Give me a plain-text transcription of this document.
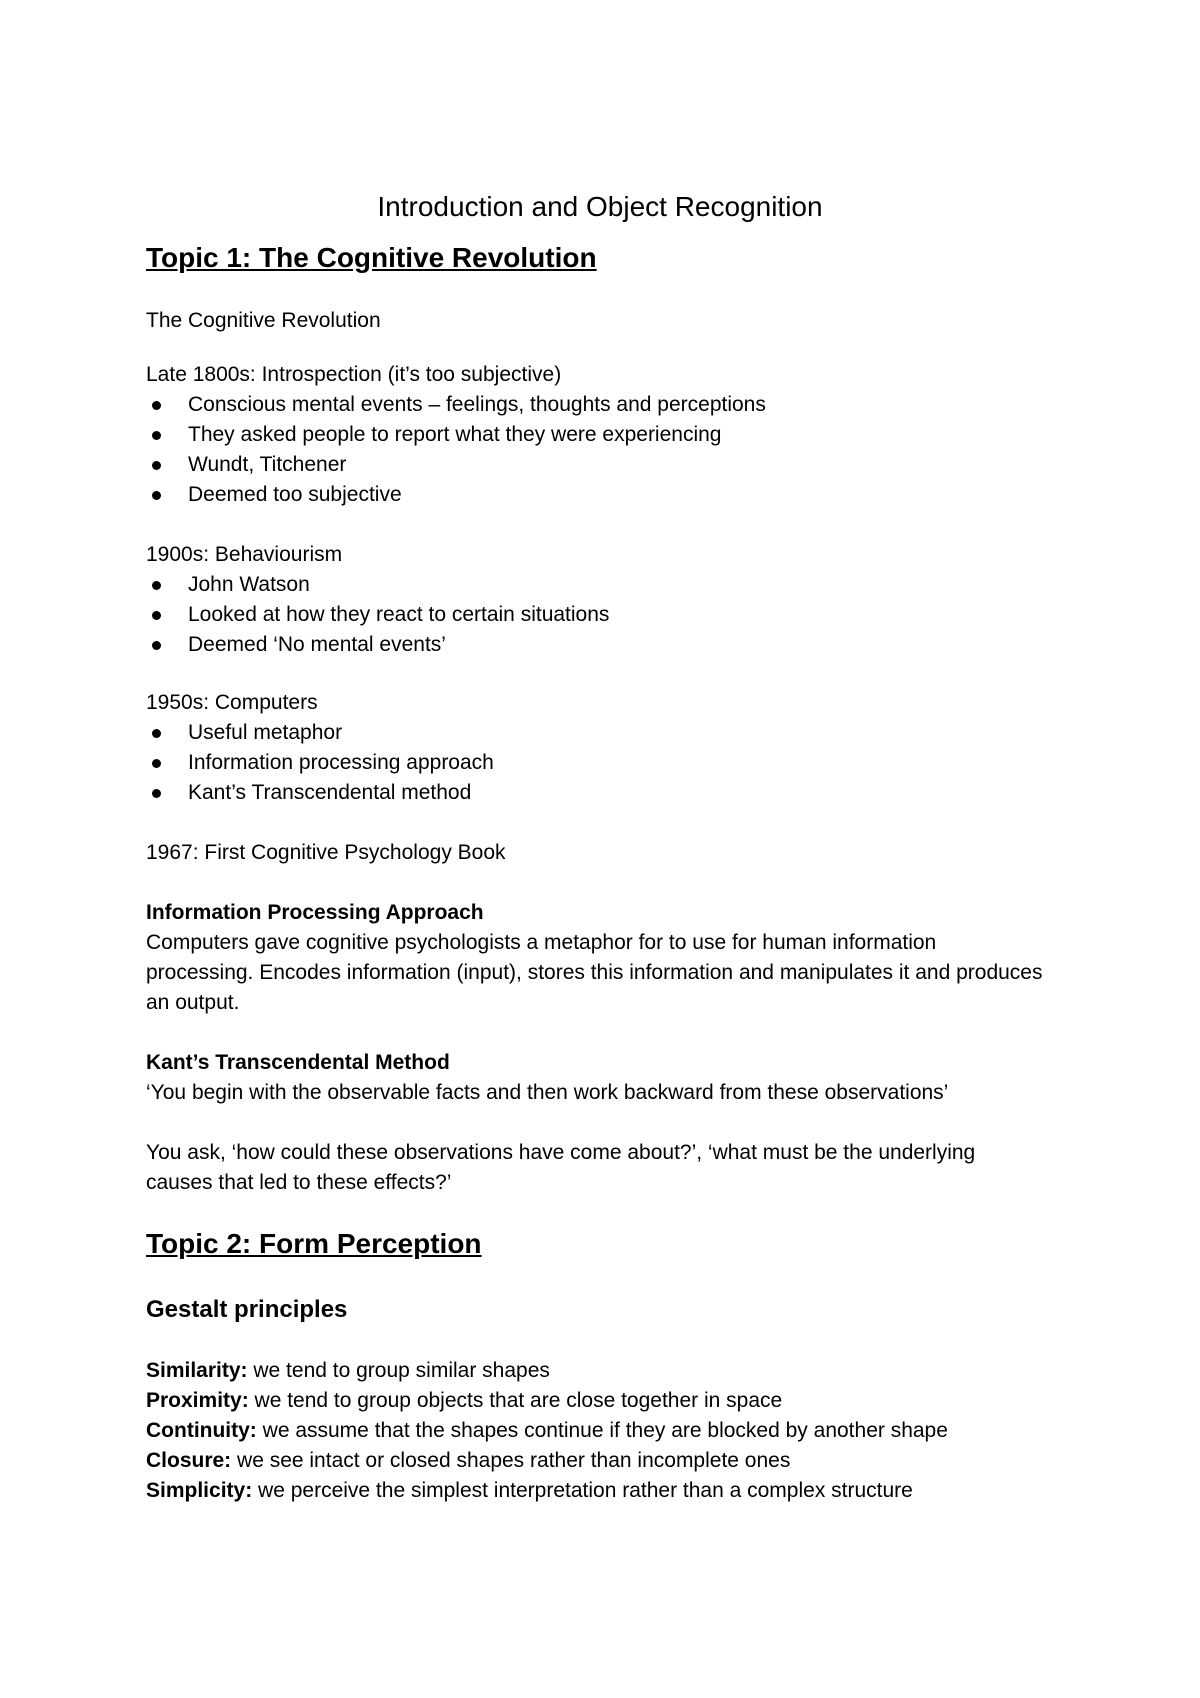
Introduction and Object Recognition
Topic 1: The Cognitive Revolution
The Cognitive Revolution
Late 1800s: Introspection (it’s too subjective)
Conscious mental events – feelings, thoughts and perceptions
They asked people to report what they were experiencing
Wundt, Titchener
Deemed too subjective
1900s: Behaviourism
John Watson
Looked at how they react to certain situations
Deemed ‘No mental events’
1950s: Computers
Useful metaphor
Information processing approach
Kant’s Transcendental method
1967: First Cognitive Psychology Book
Information Processing Approach

Computers gave cognitive psychologists a metaphor for to use for human information processing. Encodes information (input), stores this information and manipulates it and produces an output.

Kant’s Transcendental Method
‘You begin with the observable facts and then work backward from these observations’

You ask, ‘how could these observations have come about?’, ‘what must be the underlying causes that led to these effects?’

Topic 2: Form Perception
Gestalt principles
Similarity: we tend to group similar shapes
Proximity: we tend to group objects that are close together in space
Continuity: we assume that the shapes continue if they are blocked by another shape
Closure: we see intact or closed shapes rather than incomplete ones
Simplicity: we perceive the simplest interpretation rather than a complex structure
